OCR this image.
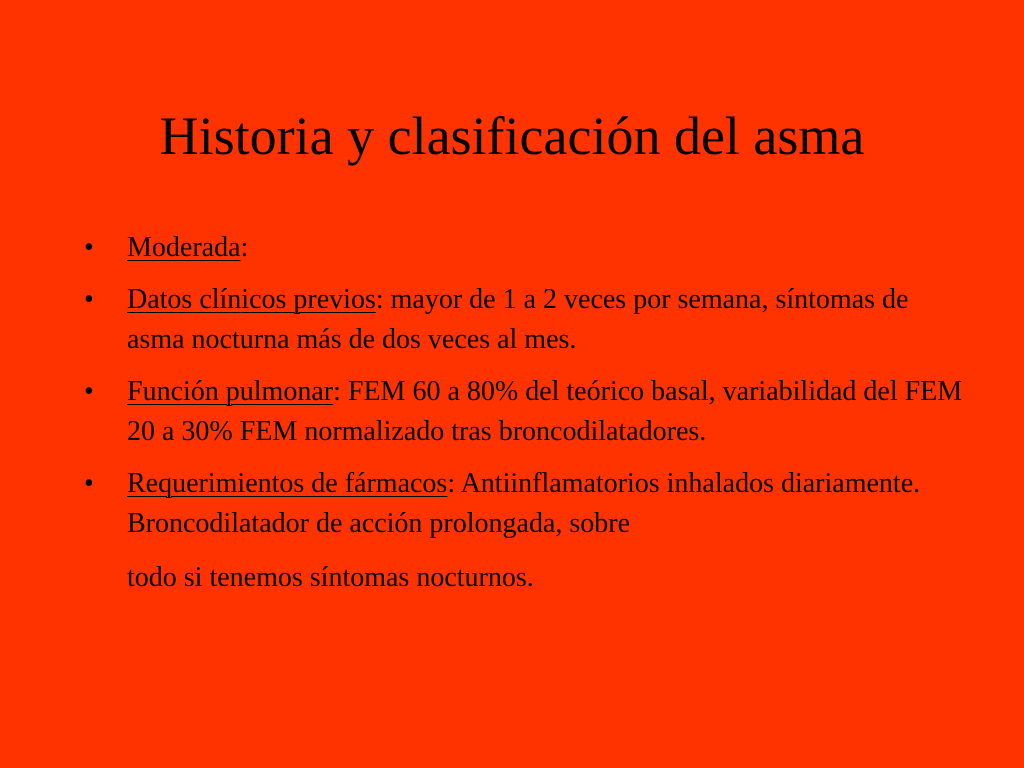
Historia y clasificación del asma
•	Moderada:
•	Datos clínicos previos: mayor de 1 a 2 veces por semana, síntomas de asma nocturna más de dos veces al mes.
•	Función pulmonar: FEM 60 a 80% del teórico basal, variabilidad del FEM 20 a 30% FEM normalizado tras broncodilatadores.
•	Requerimientos de fármacos: Antiinflamatorios inhalados diariamente. Broncodilatador de acción prolongada, sobre
todo si tenemos síntomas nocturnos.
